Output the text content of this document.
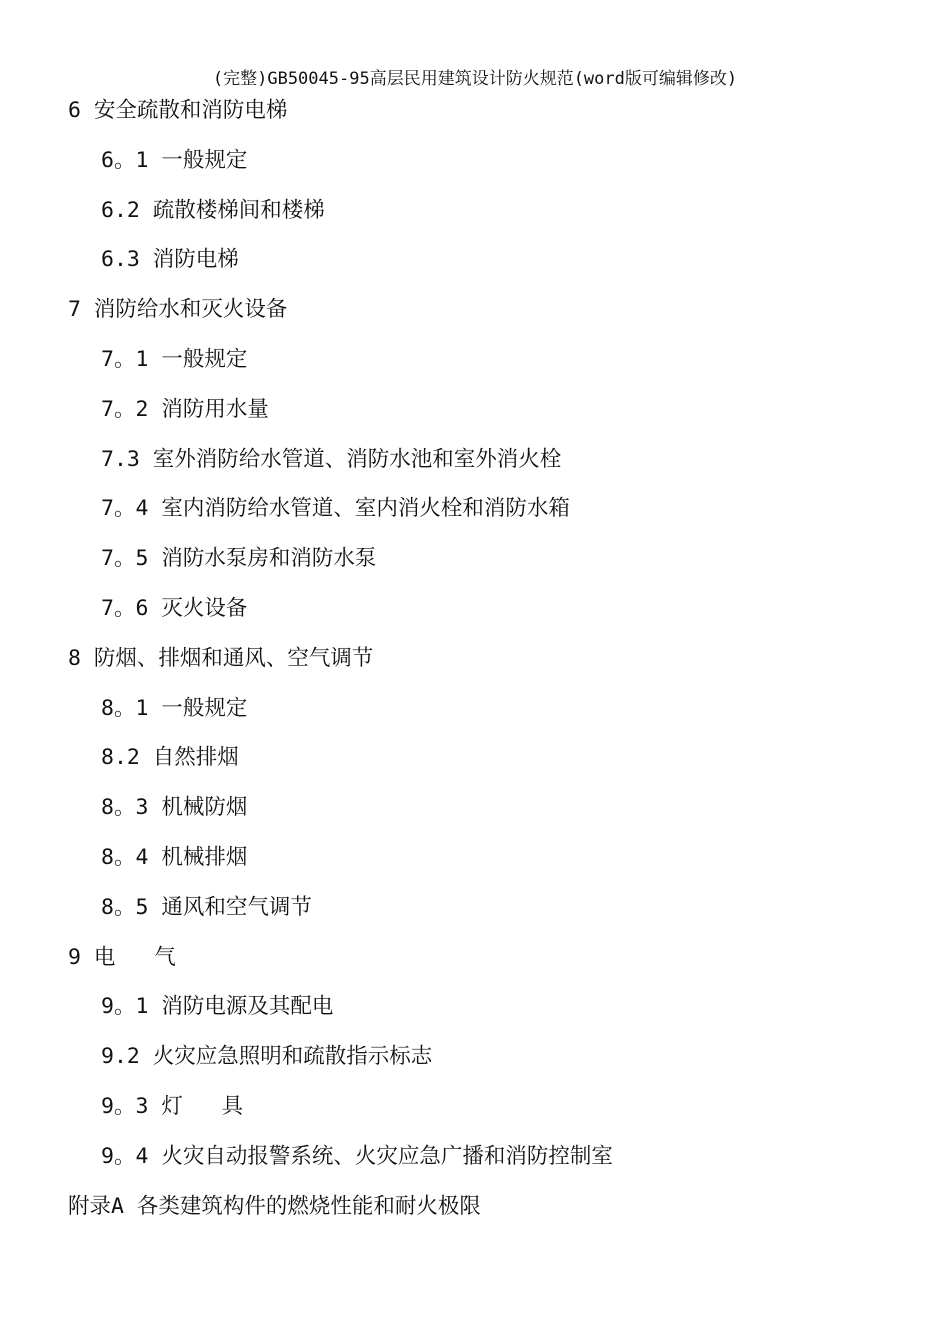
(完整)GB50045-95高层民用建筑设计防火规范(word版可编辑修改)
6 安全疏散和消防电梯
6。1 一般规定
6.2 疏散楼梯间和楼梯
6.3 消防电梯
7 消防给水和灭火设备
7。1 一般规定
7。2 消防用水量
7.3 室外消防给水管道、消防水池和室外消火栓
7。4 室内消防给水管道、室内消火栓和消防水箱
7。5 消防水泵房和消防水泵
7。6 灭火设备
8 防烟、排烟和通风、空气调节
8。1 一般规定
8.2 自然排烟
8。3 机械防烟
8。4 机械排烟
8。5 通风和空气调节
9 电   气
9。1 消防电源及其配电
9.2 火灾应急照明和疏散指示标志
9。3 灯   具
9。4 火灾自动报警系统、火灾应急广播和消防控制室
附录A 各类建筑构件的燃烧性能和耐火极限
